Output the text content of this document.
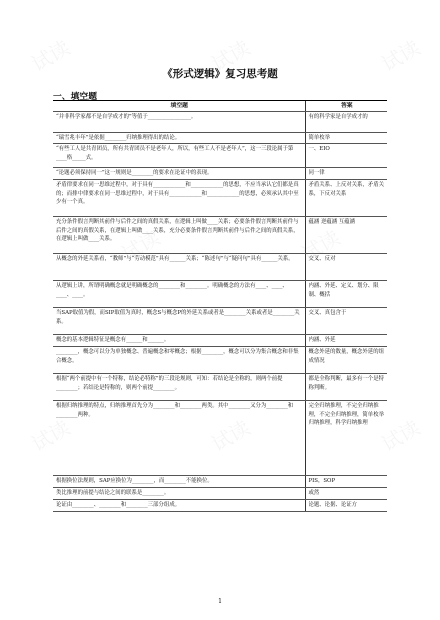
《形式逻辑》复习思考题
一、填空题
填空题	答案
“并非科学家都不是自学成才的”等值于________________。	有的科学家是自学成才的
“瑞雪兆丰年”是依据________归纳推理得出的结论。	简单枚举
“有些工人是共青团员，所有共青团员不是老年人，所以，有些工人不是老年人”，这一三段论属于第____格_____式。	一、EIO
“论题必须保持同一”这一规则是________的要求在论证中的表现。	同一律
矛盾律要求在同一思维过程中，对于具有____________和____________的思想，不应当承认它们都是真的；而排中律要求在同一思维过程中，对于具有____________和____________的思想，必须承认其中至少有一个真。	矛盾关系、上反对关系，矛盾关系，下反对关系
充分条件假言判断其前件与后件之间的真假关系，在逻辑上叫做____关系；必要条件假言判断其前件与后件之间的真假关系，在逻辑上叫做____关系，充分必要条件假言判断其前件与后件之间的真假关系，在逻辑上叫做____关系。	蕴涵 逆蕴涵 互蕴涵
从概念的外延关系看，“教师”与“劳动模范”具有______关系；“陈述句”与“疑问句”具有______关系。	交叉、反对
从逻辑上讲，所谓明确概念就是明确概念的________和________。明确概念的方法有____、____、____、____。	内涵、外延、定义、划分、限制、概括
当SAP取值为假，而SIP取值为真时，概念S与概念P的外延关系或者是________关系或者是________关系。	交叉、真包含于
概念的基本逻辑特征是概念有______和______。	内涵、外延
________，概念可以分为单独概念、普遍概念和零概念；根据________，概念可以分为集合概念和非集合概念。	概念外延的数量，概念外延的组成情况
根据“两个前提中有一个特称，结论必特称”的三段论规则，可知：若结论是全称的，则两个前提________；若结论是特称的，则两个前提________。	都是全称判断，最多有一个是特称判断。
根据归纳推理的特点，归纳推理首先分为________和________两类。其中________又分为________和________两种。	完全归纳推理，不完全归纳推理，不完全归纳推理，简单枚举归纳推理，科学归纳推理
根据换位法规则，SAP应换位为________，而________不能换位。	PIS，SOP
类比推理的前提与结论之间的联系是________。	或然
论证由________、________和________三部分组成。	论题、论据、论证方
1
